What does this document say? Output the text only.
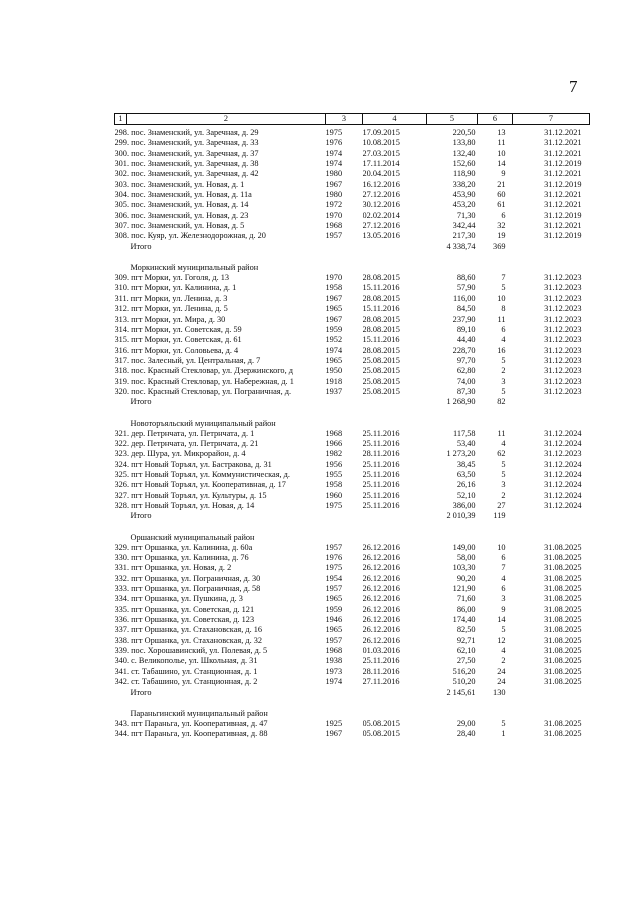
7
1	2	3	4	5	6	7
298. пос. Знаменский, ул. Заречная, д. 29		1975	17.09.2015	220,50	13	31.12.2021
299. пос. Знаменский, ул. Заречная, д. 33		1976	10.08.2015	133,80	11	31.12.2021
300. пос. Знаменский, ул. Заречная, д. 37		1974	27.03.2015	132,40	10	31.12.2021
301. пос. Знаменский, ул. Заречная, д. 38		1974	17.11.2014	152,60	14	31.12.2019
302. пос. Знаменский, ул. Заречная, д. 42		1980	20.04.2015	118,90	9	31.12.2021
303. пос. Знаменский, ул. Новая, д. 1		1967	16.12.2016	338,20	21	31.12.2019
304. пос. Знаменский, ул. Новая, д. 11а		1980	27.12.2016	453,90	60	31.12.2021
305. пос. Знаменский, ул. Новая, д. 14		1972	30.12.2016	453,20	61	31.12.2021
306. пос. Знаменский, ул. Новая, д. 23		1970	02.02.2014	71,30	6	31.12.2019
307. пос. Знаменский, ул. Новая, д. 5		1968	27.12.2016	342,44	32	31.12.2021
308. пос. Куяр, ул. Железнодорожная, д. 20		1957	13.05.2016	217,30	19	31.12.2019
Итого				4 338,74	369	
Моркинский муниципальный район						
309. пгт Морки, ул. Гоголя, д. 13		1970	28.08.2015	88,60	7	31.12.2023
310. пгт Морки, ул. Калинина, д. 1		1958	15.11.2016	57,90	5	31.12.2023
311. пгт Морки, ул. Ленина, д. 3		1967	28.08.2015	116,00	10	31.12.2023
312. пгт Морки, ул. Ленина, д. 5		1965	15.11.2016	84,50	8	31.12.2023
313. пгт Морки, ул. Мира, д. 30		1967	28.08.2015	237,90	11	31.12.2023
314. пгт Морки, ул. Советская, д. 59		1959	28.08.2015	89,10	6	31.12.2023
315. пгт Морки, ул. Советская, д. 61		1952	15.11.2016	44,40	4	31.12.2023
316. пгт Морки, ул. Соловьева, д. 4		1974	28.08.2015	228,70	16	31.12.2023
317. пос. Залесный, ул. Центральная, д. 7		1965	25.08.2015	97,70	5	31.12.2023
318. пос. Красный Стекловар, ул. Дзержинского, д		1950	25.08.2015	62,80	2	31.12.2023
319. пос. Красный Стекловар, ул. Набережная, д. 1		1918	25.08.2015	74,00	3	31.12.2023
320. пос. Красный Стекловар, ул. Пограничная, д.		1937	25.08.2015	87,30	5	31.12.2023
Итого				1 268,90	82	
Новоторъяльский муниципальный район						
321. дер. Петрнчата, ул. Петрнчата, д. 1		1968	25.11.2016	117,58	11	31.12.2024
322. дер. Петрнчата, ул. Петрнчата, д. 21		1966	25.11.2016	53,40	4	31.12.2024
323. дер. Шуpa, ул. Микрорайон, д. 4		1982	28.11.2016	1 273,20	62	31.12.2023
324. пгт Новый Торъял, ул. Бастракова, д. 31		1956	25.11.2016	38,45	5	31.12.2024
325. пгт Новый Торъял, ул. Коммунистическая, д.		1955	25.11.2016	63,50	5	31.12.2024
326. пгт Новый Торъял, ул. Кооперативная, д. 17		1958	25.11.2016	26,16	3	31.12.2024
327. пгт Новый Торъял, ул. Культуры, д. 15		1960	25.11.2016	52,10	2	31.12.2024
328. пгт Новый Торъял, ул. Новая, д. 14		1975	25.11.2016	386,00	27	31.12.2024
Итого				2 010,39	119	
Оршанский муниципальный район						
329. пгт Оршанка, ул. Калинина, д. 60а		1957	26.12.2016	149,00	10	31.08.2025
330. пгт Оршанка, ул. Калинина, д. 76		1976	26.12.2016	58,00	6	31.08.2025
331. пгт Оршанка, ул. Новая, д. 2		1975	26.12.2016	103,30	7	31.08.2025
332. пгт Оршанка, ул. Пограничная, д. 30		1954	26.12.2016	90,20	4	31.08.2025
333. пгт Оршанка, ул. Пограничная, д. 58		1957	26.12.2016	121,90	6	31.08.2025
334. пгт Оршанка, ул. Пушкина, д. 3		1965	26.12.2016	71,60	3	31.08.2025
335. пгт Оршанка, ул. Советская, д. 121		1959	26.12.2016	86,00	9	31.08.2025
336. пгт Оршанка, ул. Советская, д. 123		1946	26.12.2016	174,40	14	31.08.2025
337. пгт Оршанка, ул. Стахановская, д. 16		1965	26.12.2016	82,50	5	31.08.2025
338. пгт Оршанка, ул. Стахановская, д. 32		1957	26.12.2016	92,71	12	31.08.2025
339. пос. Хорошавинский, ул. Полевая, д. 5		1968	01.03.2016	62,10	4	31.08.2025
340. с. Великополье, ул. Школьная, д. 31		1938	25.11.2016	27,50	2	31.08.2025
341. ст. Табашино, ул. Станционная, д. 1		1973	28.11.2016	516,20	24	31.08.2025
342. ст. Табашино, ул. Станционная, д. 2		1974	27.11.2016	510,20	24	31.08.2025
Итого				2 145,61	130	
Параньгинский муниципальный район						
343. пгт Параньга, ул. Кооперативная, д. 47		1925	05.08.2015	29,00	5	31.08.2025
344. пгт Параньга, ул. Кооперативная, д. 88		1967	05.08.2015	28,40	1	31.08.2025
